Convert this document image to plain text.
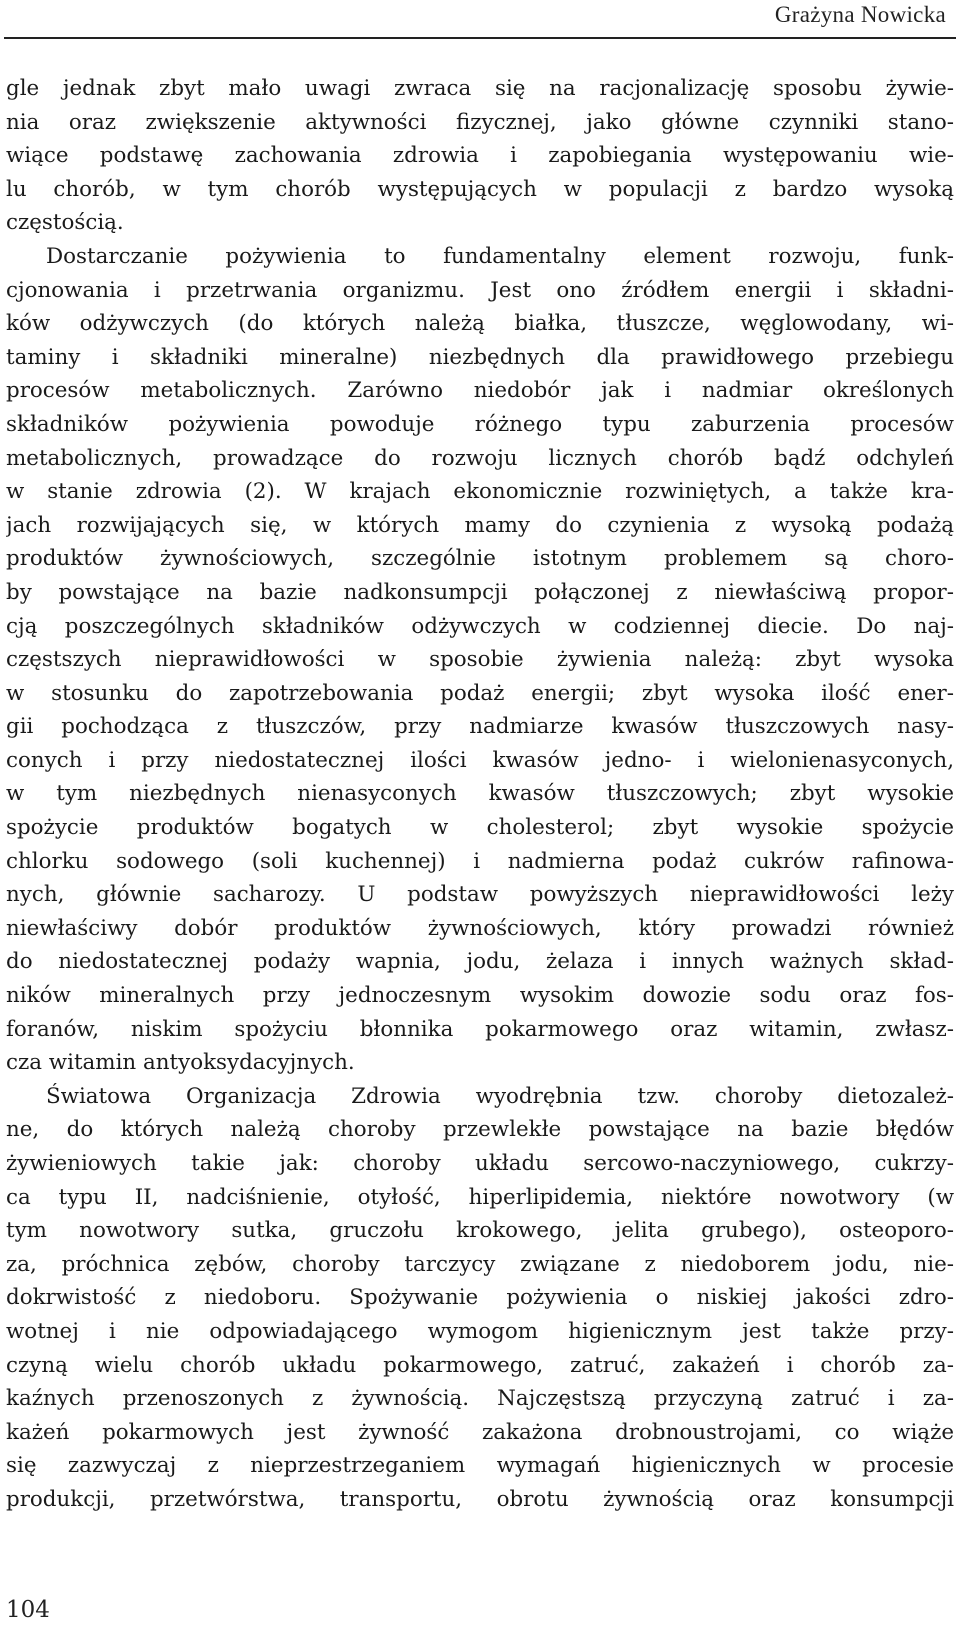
Grażyna Nowicka
gle jednak zbyt mało uwagi zwraca się na racjonalizację sposobu żywie-
nia oraz zwiększenie aktywności fizycznej, jako główne czynniki stano-
wiące podstawę zachowania zdrowia i zapobiegania występowaniu wie-
lu chorób, w tym chorób występujących w populacji z bardzo wysoką
częstością.
Dostarczanie pożywienia to fundamentalny element rozwoju, funk-
cjonowania i przetrwania organizmu. Jest ono źródłem energii i składni-
ków odżywczych (do których należą białka, tłuszcze, węglowodany, wi-
taminy i składniki mineralne) niezbędnych dla prawidłowego przebiegu
procesów metabolicznych. Zarówno niedobór jak i nadmiar określonych
składników pożywienia powoduje różnego typu zaburzenia procesów
metabolicznych, prowadzące do rozwoju licznych chorób bądź odchyleń
w stanie zdrowia (2). W krajach ekonomicznie rozwiniętych, a także kra-
jach rozwijających się, w których mamy do czynienia z wysoką podażą
produktów żywnościowych, szczególnie istotnym problemem są choro-
by powstające na bazie nadkonsumpcji połączonej z niewłaściwą propor-
cją poszczególnych składników odżywczych w codziennej diecie. Do naj-
częstszych nieprawidłowości w sposobie żywienia należą: zbyt wysoka
w stosunku do zapotrzebowania podaż energii; zbyt wysoka ilość ener-
gii pochodząca z tłuszczów, przy nadmiarze kwasów tłuszczowych nasy-
conych i przy niedostatecznej ilości kwasów jedno- i wielonienasyconych,
w tym niezbędnych nienasyconych kwasów tłuszczowych; zbyt wysokie
spożycie produktów bogatych w cholesterol; zbyt wysokie spożycie
chlorku sodowego (soli kuchennej) i nadmierna podaż cukrów rafinowa-
nych, głównie sacharozy. U podstaw powyższych nieprawidłowości leży
niewłaściwy dobór produktów żywnościowych, który prowadzi również
do niedostatecznej podaży wapnia, jodu, żelaza i innych ważnych skład-
ników mineralnych przy jednoczesnym wysokim dowozie sodu oraz fos-
foranów, niskim spożyciu błonnika pokarmowego oraz witamin, zwłasz-
cza witamin antyoksydacyjnych.
Światowa Organizacja Zdrowia wyodrębnia tzw. choroby dietozależ-
ne, do których należą choroby przewlekłe powstające na bazie błędów
żywieniowych takie jak: choroby układu sercowo-naczyniowego, cukrzy-
ca typu II, nadciśnienie, otyłość, hiperlipidemia, niektóre nowotwory (w
tym nowotwory sutka, gruczołu krokowego, jelita grubego), osteoporo-
za, próchnica zębów, choroby tarczycy związane z niedoborem jodu, nie-
dokrwistość z niedoboru. Spożywanie pożywienia o niskiej jakości zdro-
wotnej i nie odpowiadającego wymogom higienicznym jest także przy-
czyną wielu chorób układu pokarmowego, zatruć, zakażeń i chorób za-
kaźnych przenoszonych z żywnością. Najczęstszą przyczyną zatruć i za-
każeń pokarmowych jest żywność zakażona drobnoustrojami, co wiąże
się zazwyczaj z nieprzestrzeganiem wymagań higienicznych w procesie
produkcji, przetwórstwa, transportu, obrotu żywnością oraz konsumpcji
104
